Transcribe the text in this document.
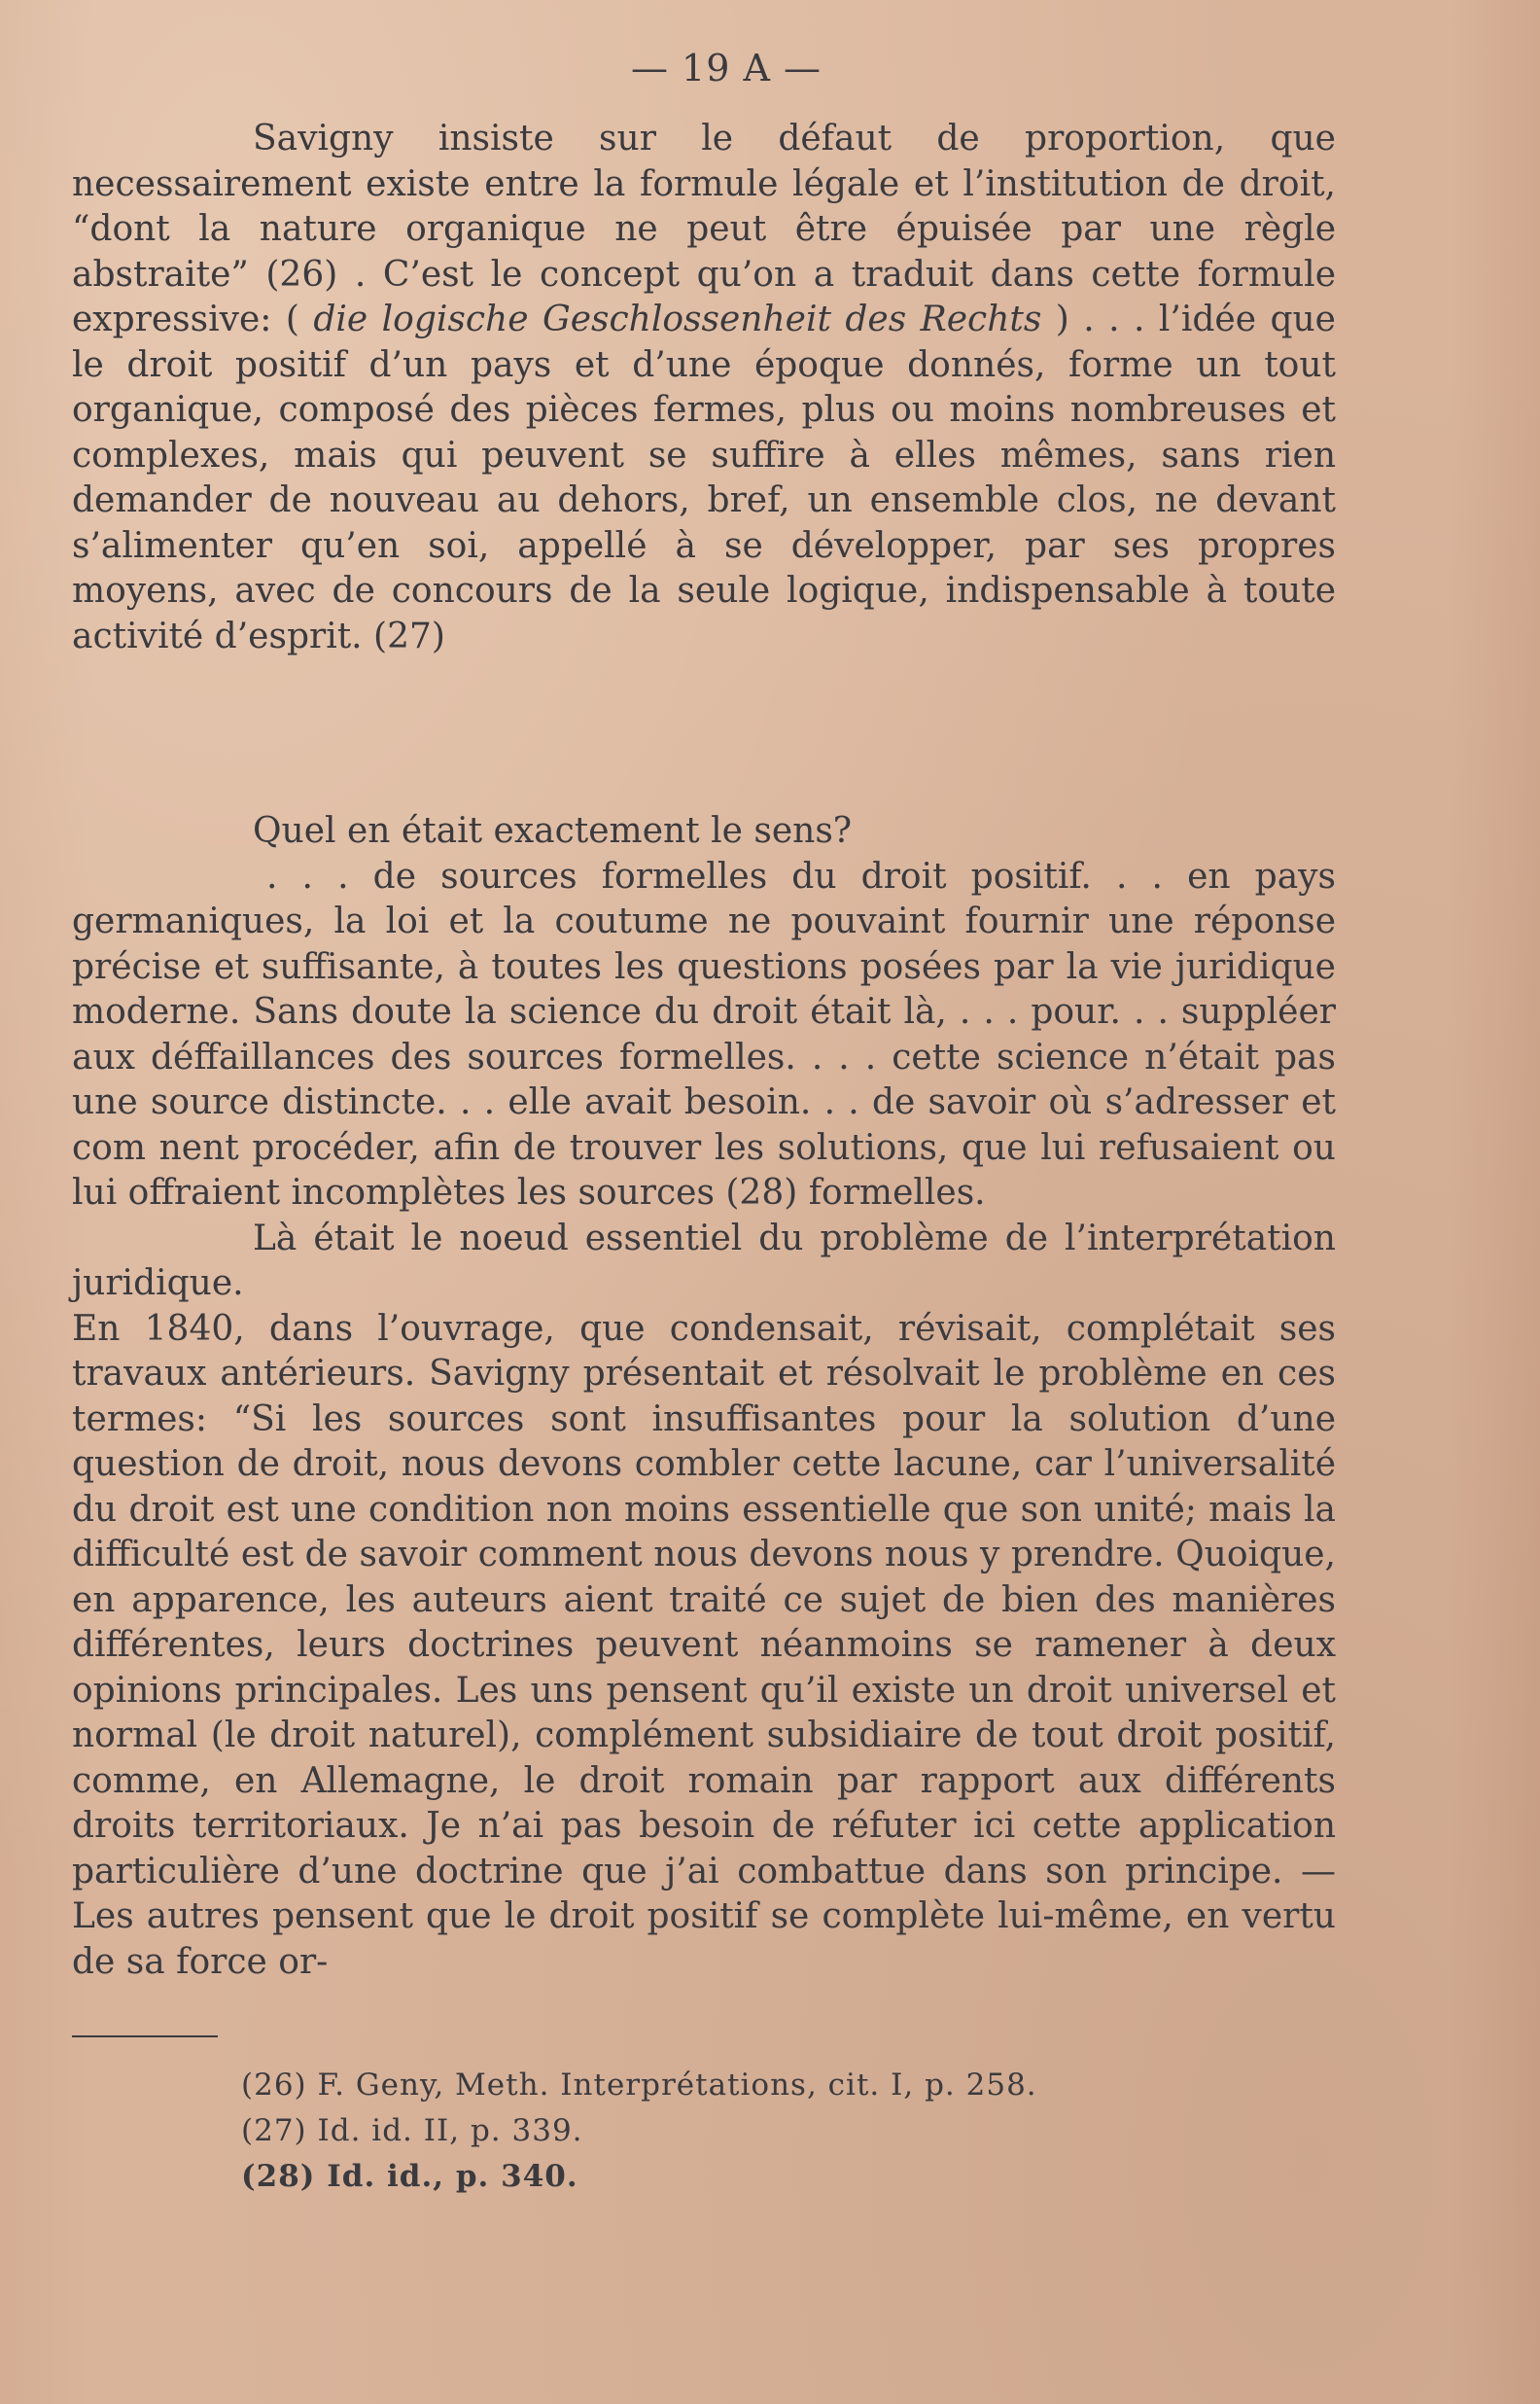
— 19 A —

Savigny insiste sur le défaut de proportion, que necessairement existe entre la formule légale et l’institution de droit, “dont la nature organique ne peut être épuisée par une règle abstraite” (26) . C’est le concept qu’on a traduit dans cette formule expressive: ( die logische Geschlossenheit des Rechts ) . . . l’idée que le droit positif d’un pays et d’une époque donnés, forme un tout organique, composé des pièces fermes, plus ou moins nombreuses et complexes, mais qui peuvent se suffire à elles mêmes, sans rien demander de nouveau au dehors, bref, un ensemble clos, ne devant s’alimenter qu’en soi, appellé à se développer, par ses propres moyens, avec de concours de la seule logique, indispensable à toute activité d’esprit. (27)

Quel en était exactement le sens?

. . . de sources formelles du droit positif. . . en pays germaniques, la loi et la coutume ne pouvaint fournir une réponse précise et suffisante, à toutes les questions posées par la vie juridique moderne. Sans doute la science du droit était là, . . . pour. . . suppléer aux déffaillances des sources formelles. . . . cette science n’était pas une source distincte. . . elle avait besoin. . . de savoir où s’adresser et com nent procéder, afin de trouver les solutions, que lui refusaient ou lui offraient incomplètes les sources (28) formelles.

Là était le noeud essentiel du problème de l’interprétation juridique.

En 1840, dans l’ouvrage, que condensait, révisait, complétait ses travaux antérieurs. Savigny présentait et résolvait le problème en ces termes: “Si les sources sont insuffisantes pour la solution d’une question de droit, nous devons combler cette lacune, car l’universalité du droit est une condition non moins essentielle que son unité; mais la difficulté est de savoir comment nous devons nous y prendre. Quoique, en apparence, les auteurs aient traité ce sujet de bien des manières différentes, leurs doctrines peuvent néanmoins se ramener à deux opinions principales. Les uns pensent qu’il existe un droit universel et normal (le droit naturel), complément subsidiaire de tout droit positif, comme, en Allemagne, le droit romain par rapport aux différents droits territoriaux. Je n’ai pas besoin de réfuter ici cette application particulière d’une doctrine que j’ai combattue dans son principe. — Les autres pensent que le droit positif se complète lui-même, en vertu de sa force or-

(26) F. Geny, Meth. Interprétations, cit. I, p. 258.
(27) Id. id. II, p. 339.
(28) Id. id., p. 340.
